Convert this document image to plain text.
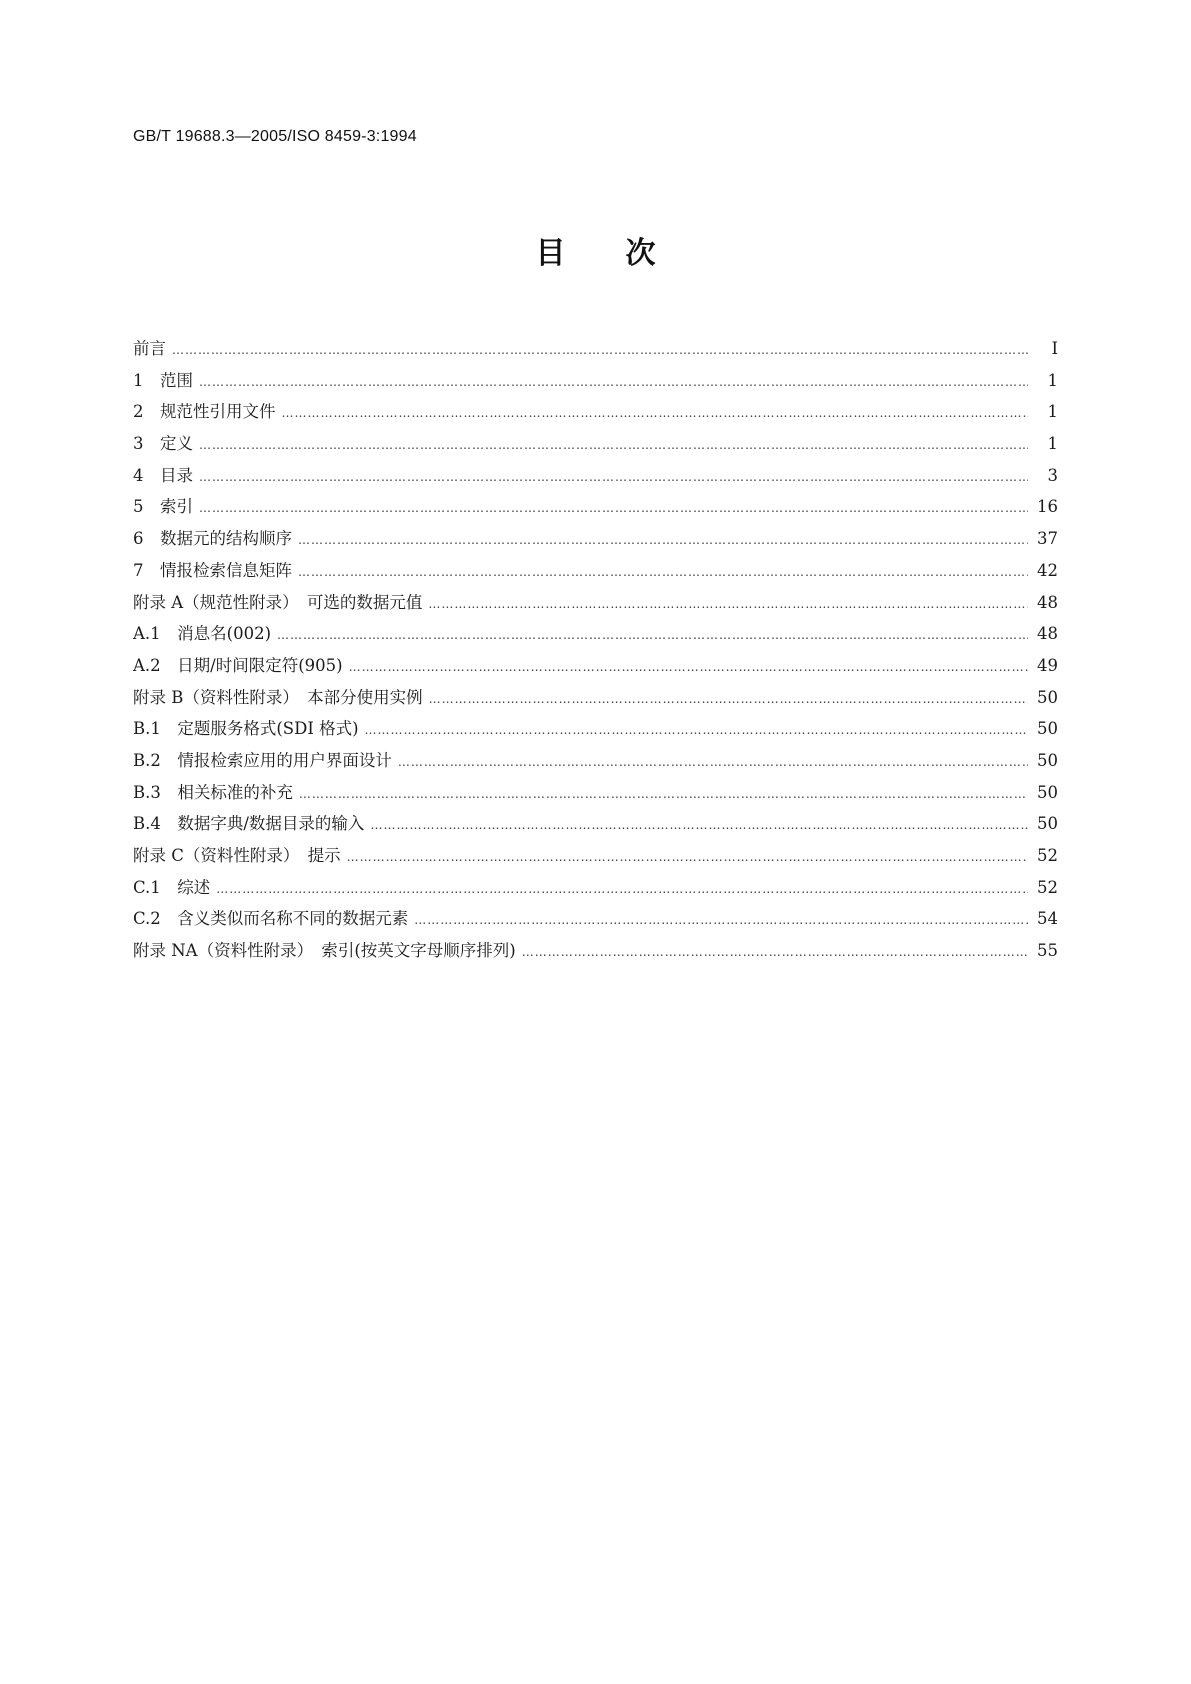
GB/T 19688.3—2005/ISO 8459-3:1994
目次
前言 …………………………………………………………………………………………………………………………………………………………………………………………	I
1　范围 …………………………………………………………………………………………………………………………………………………………………………………………	1
2　规范性引用文件 …………………………………………………………………………………………………………………………………………………………………………………………	1
3　定义 …………………………………………………………………………………………………………………………………………………………………………………………	1
4　目录 …………………………………………………………………………………………………………………………………………………………………………………………	3
5　索引 …………………………………………………………………………………………………………………………………………………………………………………………	16
6　数据元的结构顺序 …………………………………………………………………………………………………………………………………………………………………………………………	37
7　情报检索信息矩阵 …………………………………………………………………………………………………………………………………………………………………………………………	42
附录 A（规范性附录）　可选的数据元值 …………………………………………………………………………………………………………………………………………………………………………………………	48
A.1　消息名(002) …………………………………………………………………………………………………………………………………………………………………………………………	48
A.2　日期/时间限定符(905) …………………………………………………………………………………………………………………………………………………………………………………………	49
附录 B（资料性附录）　本部分使用实例 …………………………………………………………………………………………………………………………………………………………………………………………	50
B.1　定题服务格式(SDI 格式) …………………………………………………………………………………………………………………………………………………………………………………………	50
B.2　情报检索应用的用户界面设计 …………………………………………………………………………………………………………………………………………………………………………………………	50
B.3　相关标准的补充 …………………………………………………………………………………………………………………………………………………………………………………………	50
B.4　数据字典/数据目录的输入 …………………………………………………………………………………………………………………………………………………………………………………………	50
附录 C（资料性附录）　提示 …………………………………………………………………………………………………………………………………………………………………………………………	52
C.1　综述 …………………………………………………………………………………………………………………………………………………………………………………………	52
C.2　含义类似而名称不同的数据元素 …………………………………………………………………………………………………………………………………………………………………………………………	54
附录 NA（资料性附录）　索引(按英文字母顺序排列) …………………………………………………………………………………………………………………………………………………………………………………………	55
